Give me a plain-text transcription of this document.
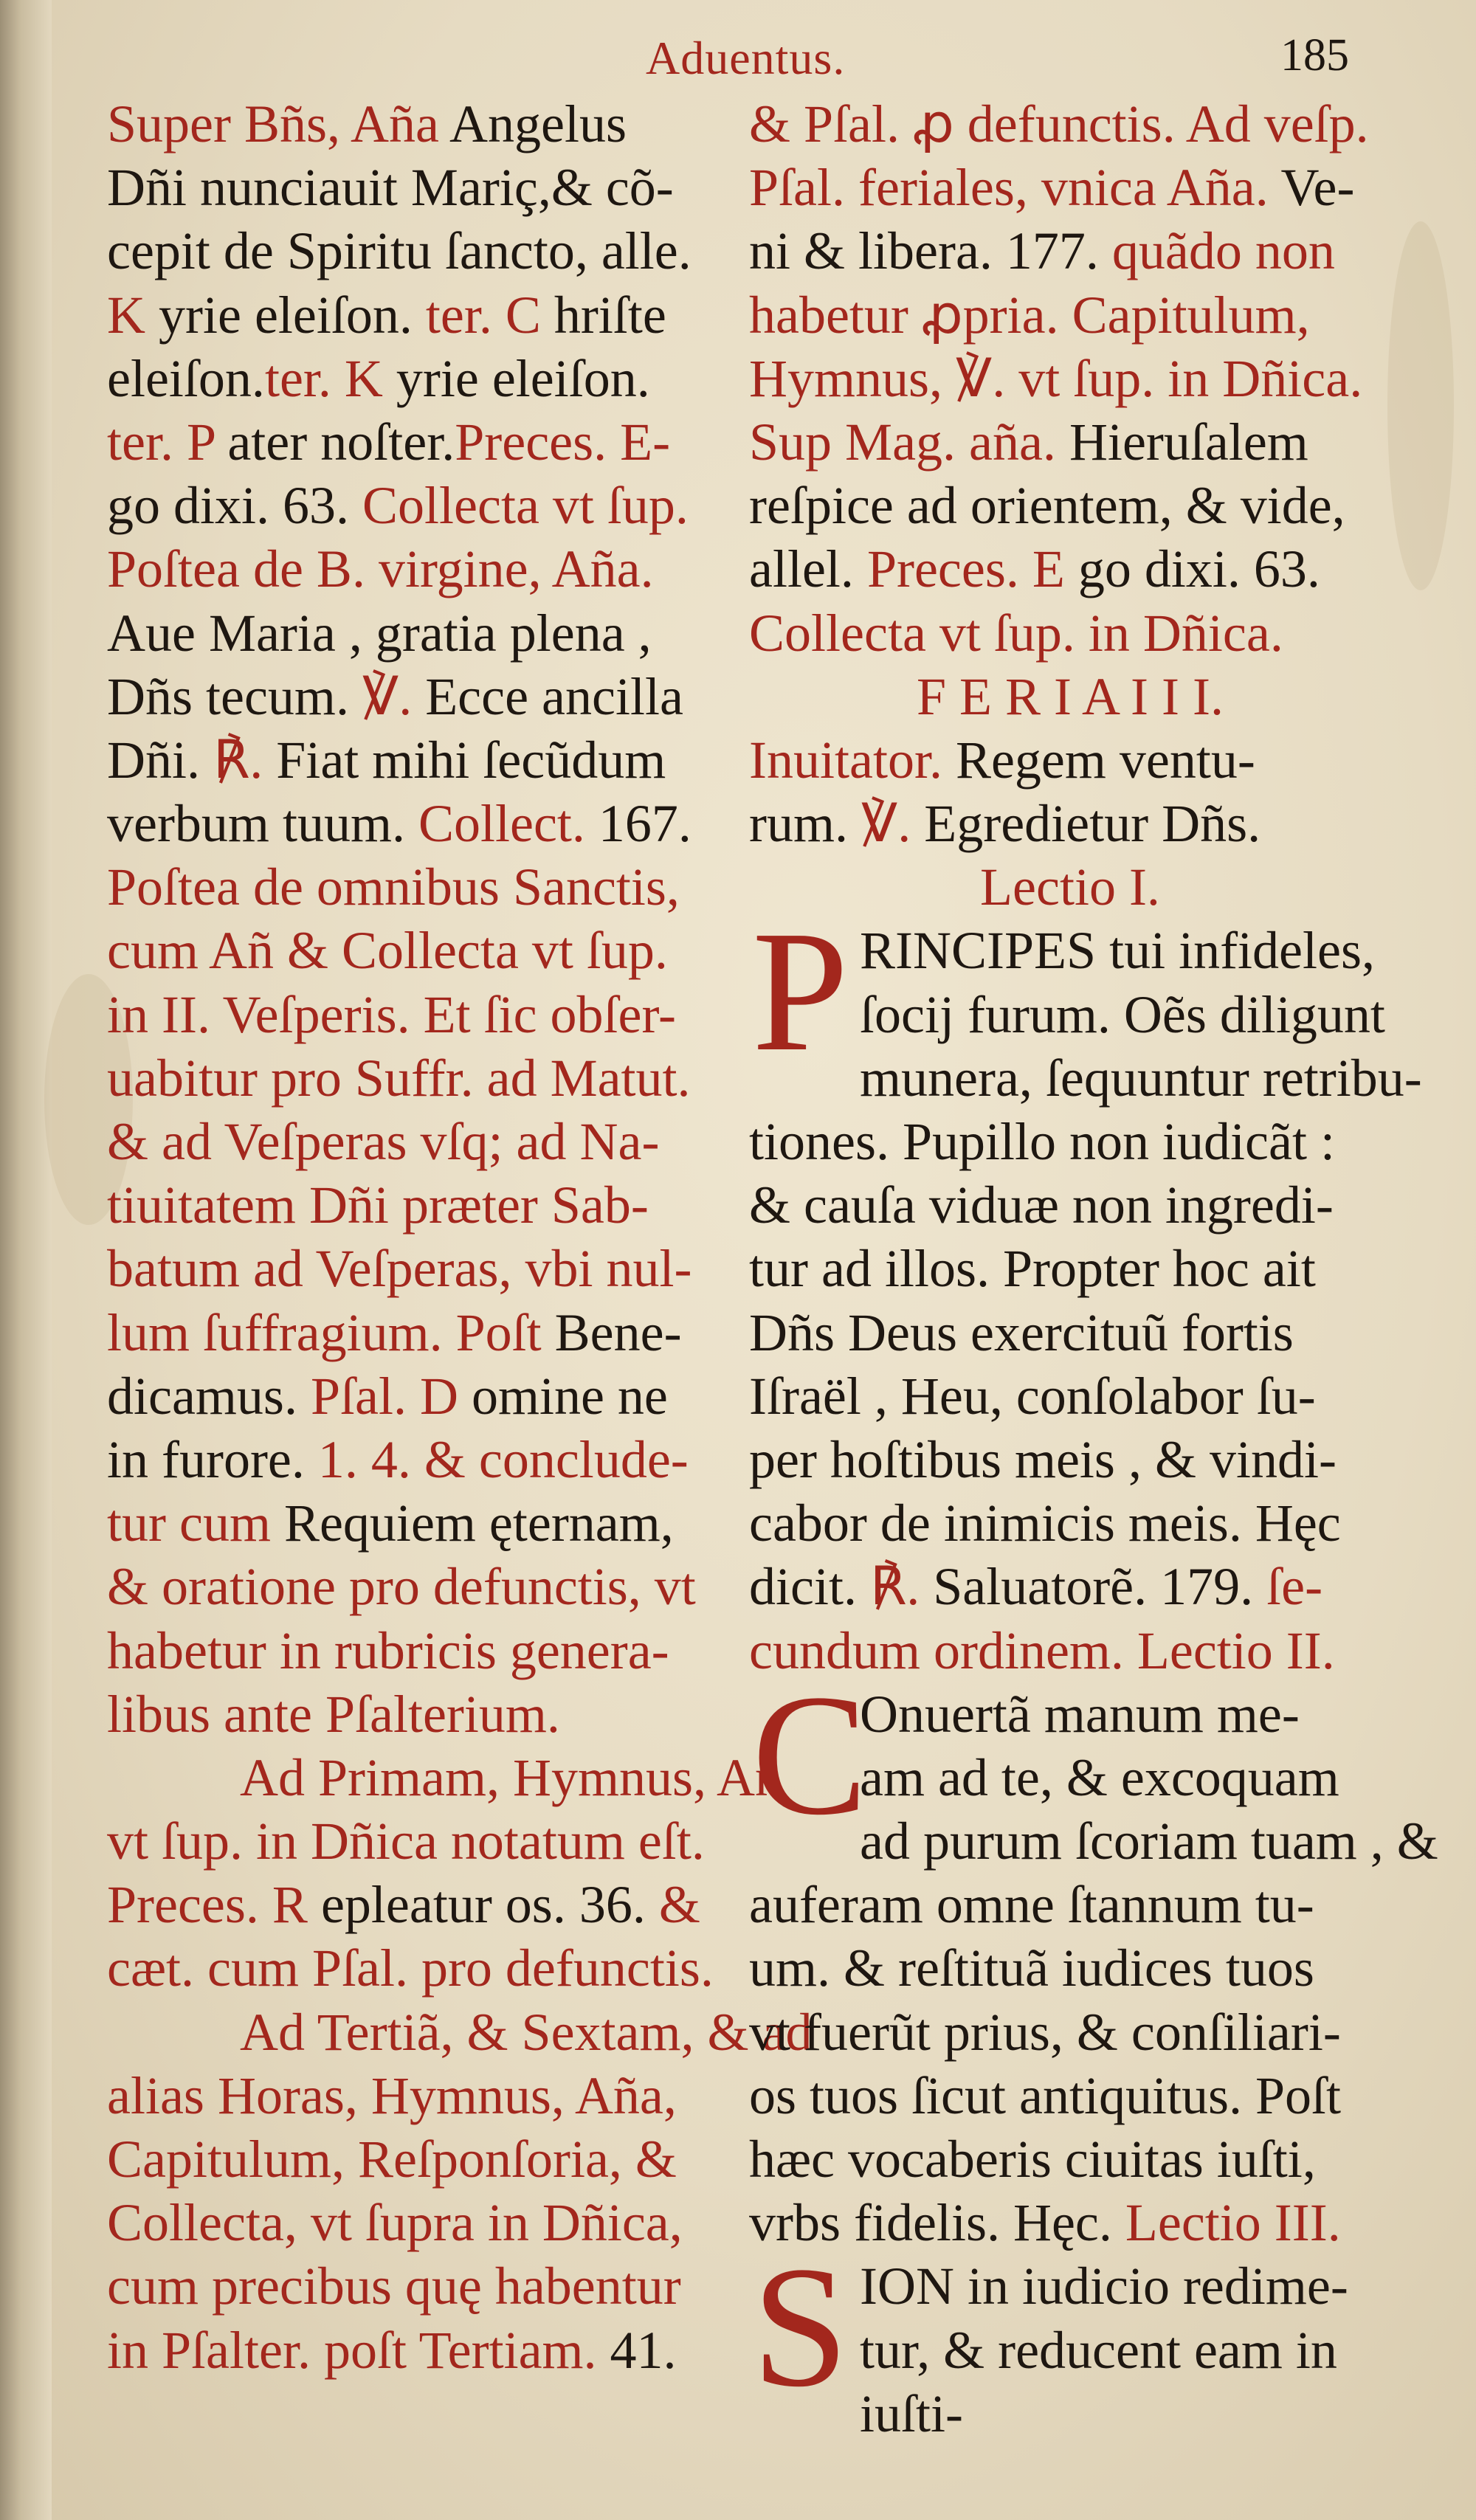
Aduentus.	185
Super Bñs, Aña Angelus
Dñi nunciauit Mariç,& cõ-
cepit de Spiritu ſancto, alle.
K yrie eleiſon. ter. C hriſte
eleiſon.ter. K yrie eleiſon.
ter. P ater noſter.Preces. E-
go dixi. 63. Collecta vt ſup.
Poſtea de B. virgine, Aña.
Aue Maria , gratia plena ,
Dñs tecum. ℣. Ecce ancilla
Dñi. ℟. Fiat mihi ſecũdum
verbum tuum. Collect. 167.
Poſtea de omnibus Sanctis,
cum Añ & Collecta vt ſup.
in II. Veſperis. Et ſic obſer-
uabitur pro Suffr. ad Matut.
& ad Veſperas vſq; ad Na-
tiuitatem Dñi præter Sab-
batum ad Veſperas, vbi nul-
lum ſuffragium. Poſt Bene-
dicamus. Pſal. D omine ne
in furore. 1. 4. & conclude-
tur cum Requiem ęternam,
& oratione pro defunctis, vt
habetur in rubricis genera-
libus ante Pſalterium.
Ad Primam, Hymnus, Añ
vt ſup. in Dñica notatum eſt.
Preces. R epleatur os. 36. &
cæt. cum Pſal. pro defunctis.
Ad Tertiã, & Sextam, & ad
alias Horas, Hymnus, Aña,
Capitulum, Reſponſoria, &
Collecta, vt ſupra in Dñica,
cum precibus quę habentur
in Pſalter. poſt Tertiam. 41.
& Pſal. ꝓ defunctis. Ad veſp.
Pſal. feriales, vnica Aña. Ve-
ni & libera. 177. quãdo non
habetur ꝓpria. Capitulum,
Hymnus, ℣. vt ſup. in Dñica.
Sup Mag. aña. Hieruſalem
reſpice ad orientem, & vide,
allel. Preces. E go dixi. 63.
Collecta vt ſup. in Dñica.
F E R I A I I I.
Inuitator. Regem ventu-
rum. ℣. Egredietur Dñs.
Lectio I.
P RINCIPES tui infideles,
ſocij furum. Oẽs diligunt
munera, ſequuntur retribu-
tiones. Pupillo non iudicãt :
& cauſa viduæ non ingredi-
tur ad illos. Propter hoc ait
Dñs Deus exercituũ fortis
Iſraël , Heu, conſolabor ſu-
per hoſtibus meis , & vindi-
cabor de inimicis meis. Hęc
dicit. ℟. Saluatorẽ. 179. ſe-
cundum ordinem. Lectio II.
C
Onuertã manum me-
am ad te, & excoquam
ad purum ſcoriam tuam , &
auferam omne ſtannum tu-
um. & reſtituã iudices tuos
vt fuerũt prius, & conſiliari-
os tuos ſicut antiquitus. Poſt
hæc vocaberis ciuitas iuſti,
vrbs fidelis. Hęc. Lectio III.
S ION in iudicio redime-
tur, & reducent eam in
iuſti-
